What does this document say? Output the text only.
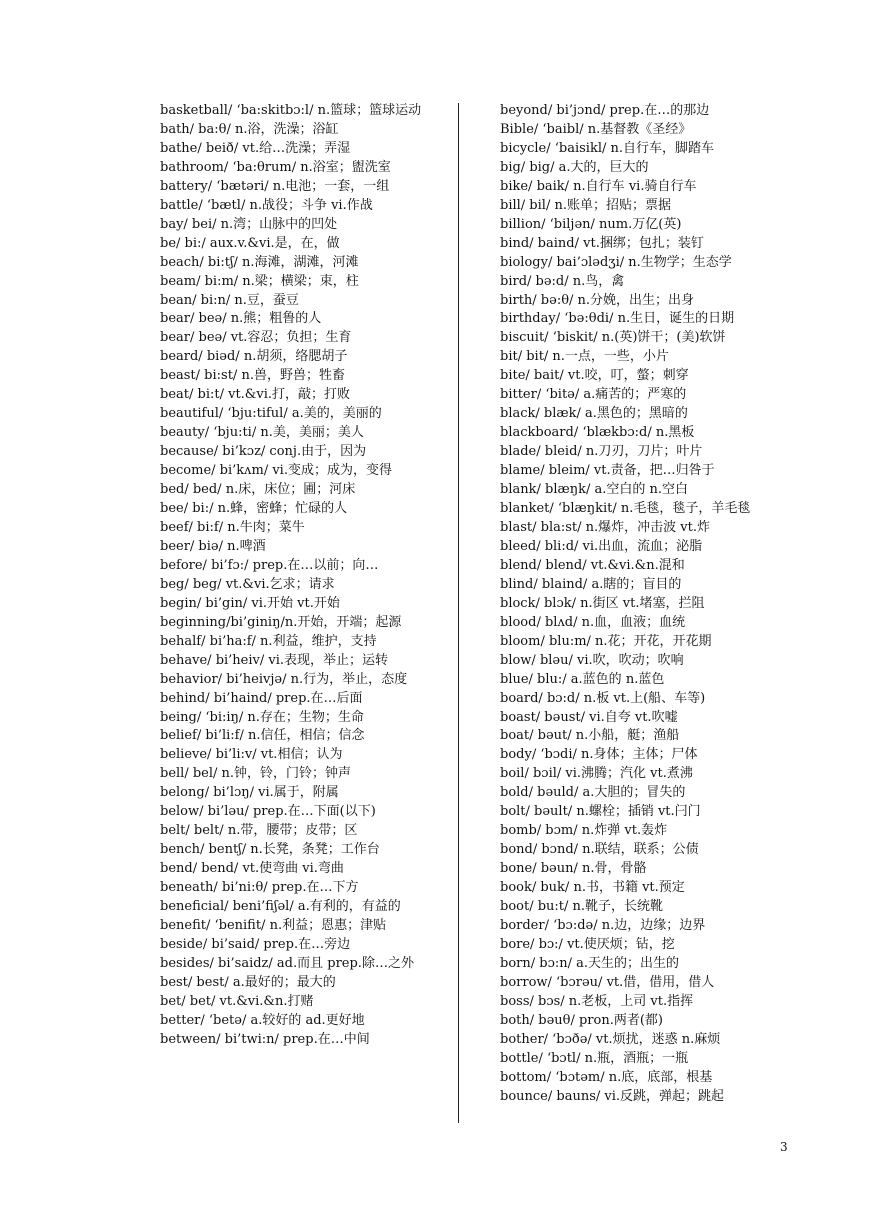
basketball/ ‘ba:skitbɔ:l/ n.篮球；篮球运动
bath/ ba:θ/ n.浴，洗澡；浴缸
bathe/ beið/ vt.给…洗澡；弄湿
bathroom/ ‘ba:θrum/ n.浴室；盥洗室
battery/ ‘bætəri/ n.电池；一套，一组
battle/ ‘bætl/ n.战役；斗争 vi.作战
bay/ bei/ n.湾；山脉中的凹处
be/ bi:/ aux.v.&vi.是，在，做
beach/ bi:tʃ/ n.海滩，湖滩，河滩
beam/ bi:m/ n.梁；横梁；束，柱
bean/ bi:n/ n.豆，蚕豆
bear/ beə/ n.熊；粗鲁的人
bear/ beə/ vt.容忍；负担；生育
beard/ biəd/ n.胡须，络腮胡子
beast/ bi:st/ n.兽，野兽；牲畜
beat/ bi:t/ vt.&vi.打，敲；打败
beautiful/ ‘bju:tiful/ a.美的，美丽的
beauty/ ‘bju:ti/ n.美，美丽；美人
because/ bi’kɔz/ conj.由于，因为
become/ bi’kʌm/ vi.变成；成为，变得
bed/ bed/ n.床，床位；圃；河床
bee/ bi:/ n.蜂，密蜂；忙碌的人
beef/ bi:f/ n.牛肉；菜牛
beer/ biə/ n.啤酒
before/ bi’fɔ:/ prep.在…以前；向…
beg/ beg/ vt.&vi.乞求；请求
begin/ bi’gin/ vi.开始 vt.开始
beginning/bi’giniŋ/n.开始，开端；起源
behalf/ bi’ha:f/ n.利益，维护，支持
behave/ bi’heiv/ vi.表现，举止；运转
behavior/ bi’heivjə/ n.行为，举止，态度
behind/ bi’haind/ prep.在…后面
being/ ‘bi:iŋ/ n.存在；生物；生命
belief/ bi’li:f/ n.信任，相信；信念
believe/ bi’li:v/ vt.相信；认为
bell/ bel/ n.钟，铃，门铃；钟声
belong/ bi’lɔŋ/ vi.属于，附属
below/ bi’ləu/ prep.在…下面(以下)
belt/ belt/ n.带，腰带；皮带；区
bench/ bentʃ/ n.长凳，条凳；工作台
bend/ bend/ vt.使弯曲 vi.弯曲
beneath/ bi’ni:θ/ prep.在…下方
beneficial/ beni’fiʃəl/ a.有利的，有益的
benefit/ ‘benifit/ n.利益；恩惠；津贴
beside/ bi’said/ prep.在…旁边
besides/ bi’saidz/ ad.而且 prep.除…之外
best/ best/ a.最好的；最大的
bet/ bet/ vt.&vi.&n.打赌
better/ ‘betə/ a.较好的 ad.更好地
between/ bi’twi:n/ prep.在…中间
beyond/ bi’jɔnd/ prep.在…的那边
Bible/ ‘baibl/ n.基督教《圣经》
bicycle/ ‘baisikl/ n.自行车，脚踏车
big/ big/ a.大的，巨大的
bike/ baik/ n.自行车 vi.骑自行车
bill/ bil/ n.账单；招贴；票据
billion/ ‘biljən/ num.万亿(英)
bind/ baind/ vt.捆绑；包扎；装钉
biology/ bai’ɔlədʒi/ n.生物学；生态学
bird/ bə:d/ n.鸟，禽
birth/ bə:θ/ n.分娩，出生；出身
birthday/ ‘bə:θdi/ n.生日，诞生的日期
biscuit/ ‘biskit/ n.(英)饼干；(美)软饼
bit/ bit/ n.一点，一些，小片
bite/ bait/ vt.咬，叮，螫；刺穿
bitter/ ‘bitə/ a.痛苦的；严寒的
black/ blæk/ a.黑色的；黑暗的
blackboard/ ‘blækbɔ:d/ n.黑板
blade/ bleid/ n.刀刃，刀片；叶片
blame/ bleim/ vt.责备，把…归咎于
blank/ blæŋk/ a.空白的 n.空白
blanket/ ‘blæŋkit/ n.毛毯，毯子，羊毛毯
blast/ bla:st/ n.爆炸，冲击波 vt.炸
bleed/ bli:d/ vi.出血，流血；泌脂
blend/ blend/ vt.&vi.&n.混和
blind/ blaind/ a.瞎的；盲目的
block/ blɔk/ n.街区 vt.堵塞，拦阻
blood/ blʌd/ n.血，血液；血统
bloom/ blu:m/ n.花；开花，开花期
blow/ bləu/ vi.吹，吹动；吹响
blue/ blu:/ a.蓝色的 n.蓝色
board/ bɔ:d/ n.板 vt.上(船、车等)
boast/ bəust/ vi.自夸 vt.吹嘘
boat/ bəut/ n.小船，艇；渔船
body/ ‘bɔdi/ n.身体；主体；尸体
boil/ bɔil/ vi.沸腾；汽化 vt.煮沸
bold/ bəuld/ a.大胆的；冒失的
bolt/ bəult/ n.螺栓；插销 vt.闩门
bomb/ bɔm/ n.炸弹 vt.轰炸
bond/ bɔnd/ n.联结，联系；公债
bone/ bəun/ n.骨，骨骼
book/ buk/ n.书，书籍 vt.预定
boot/ bu:t/ n.靴子，长统靴
border/ ‘bɔ:də/ n.边，边缘；边界
bore/ bɔ:/ vt.使厌烦；钻，挖
born/ bɔ:n/ a.天生的；出生的
borrow/ ‘bɔrəu/ vt.借，借用，借人
boss/ bɔs/ n.老板，上司 vt.指挥
both/ bəuθ/ pron.两者(都)
bother/ ‘bɔðə/ vt.烦扰，迷惑 n.麻烦
bottle/ ‘bɔtl/ n.瓶，酒瓶；一瓶
bottom/ ‘bɔtəm/ n.底，底部，根基
bounce/ bauns/ vi.反跳，弹起；跳起
3
